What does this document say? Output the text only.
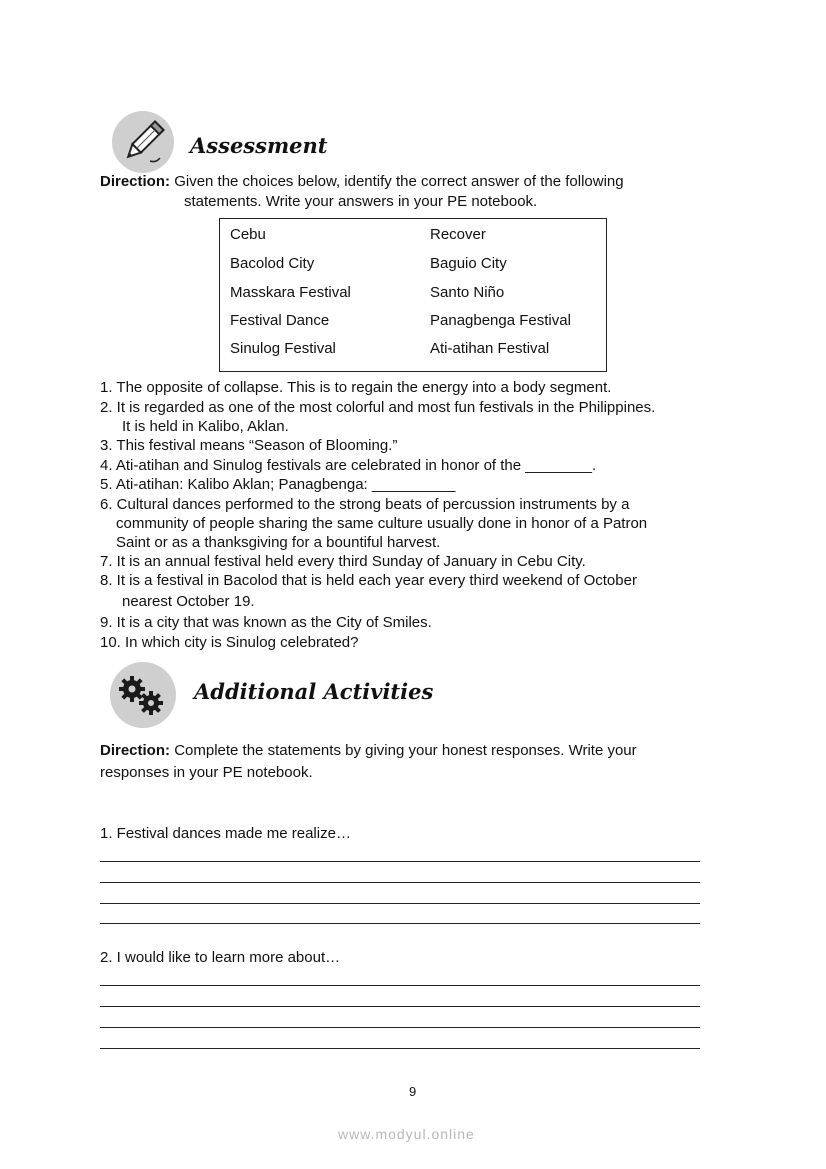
Assessment
Direction: Given the choices below, identify the correct answer of the following
statements. Write your answers in your PE notebook.
Cebu	Recover
Bacolod City	Baguio City
Masskara Festival	Santo Niño
Festival Dance	Panagbenga Festival
Sinulog Festival	Ati-atihan Festival
1. The opposite of collapse. This is to regain the energy into a body segment.
2. It is regarded as one of the most colorful and most fun festivals in the Philippines.
It is held in Kalibo, Aklan.
3. This festival means “Season of Blooming.”
4. Ati-atihan and Sinulog festivals are celebrated in honor of the ________.
5. Ati-atihan: Kalibo Aklan; Panagbenga: __________
6. Cultural dances performed to the strong beats of percussion instruments by a
community of people sharing the same culture usually done in honor of a Patron
Saint or as a thanksgiving for a bountiful harvest.
7. It is an annual festival held every third Sunday of January in Cebu City.
8. It is a festival in Bacolod that is held each year every third weekend of October
nearest October 19.
9. It is a city that was known as the City of Smiles.
10. In which city is Sinulog celebrated?
Additional Activities
Direction: Complete the statements by giving your honest responses. Write your
responses in your PE notebook.
1. Festival dances made me realize…
2. I would like to learn more about…
9
www.modyul.online
